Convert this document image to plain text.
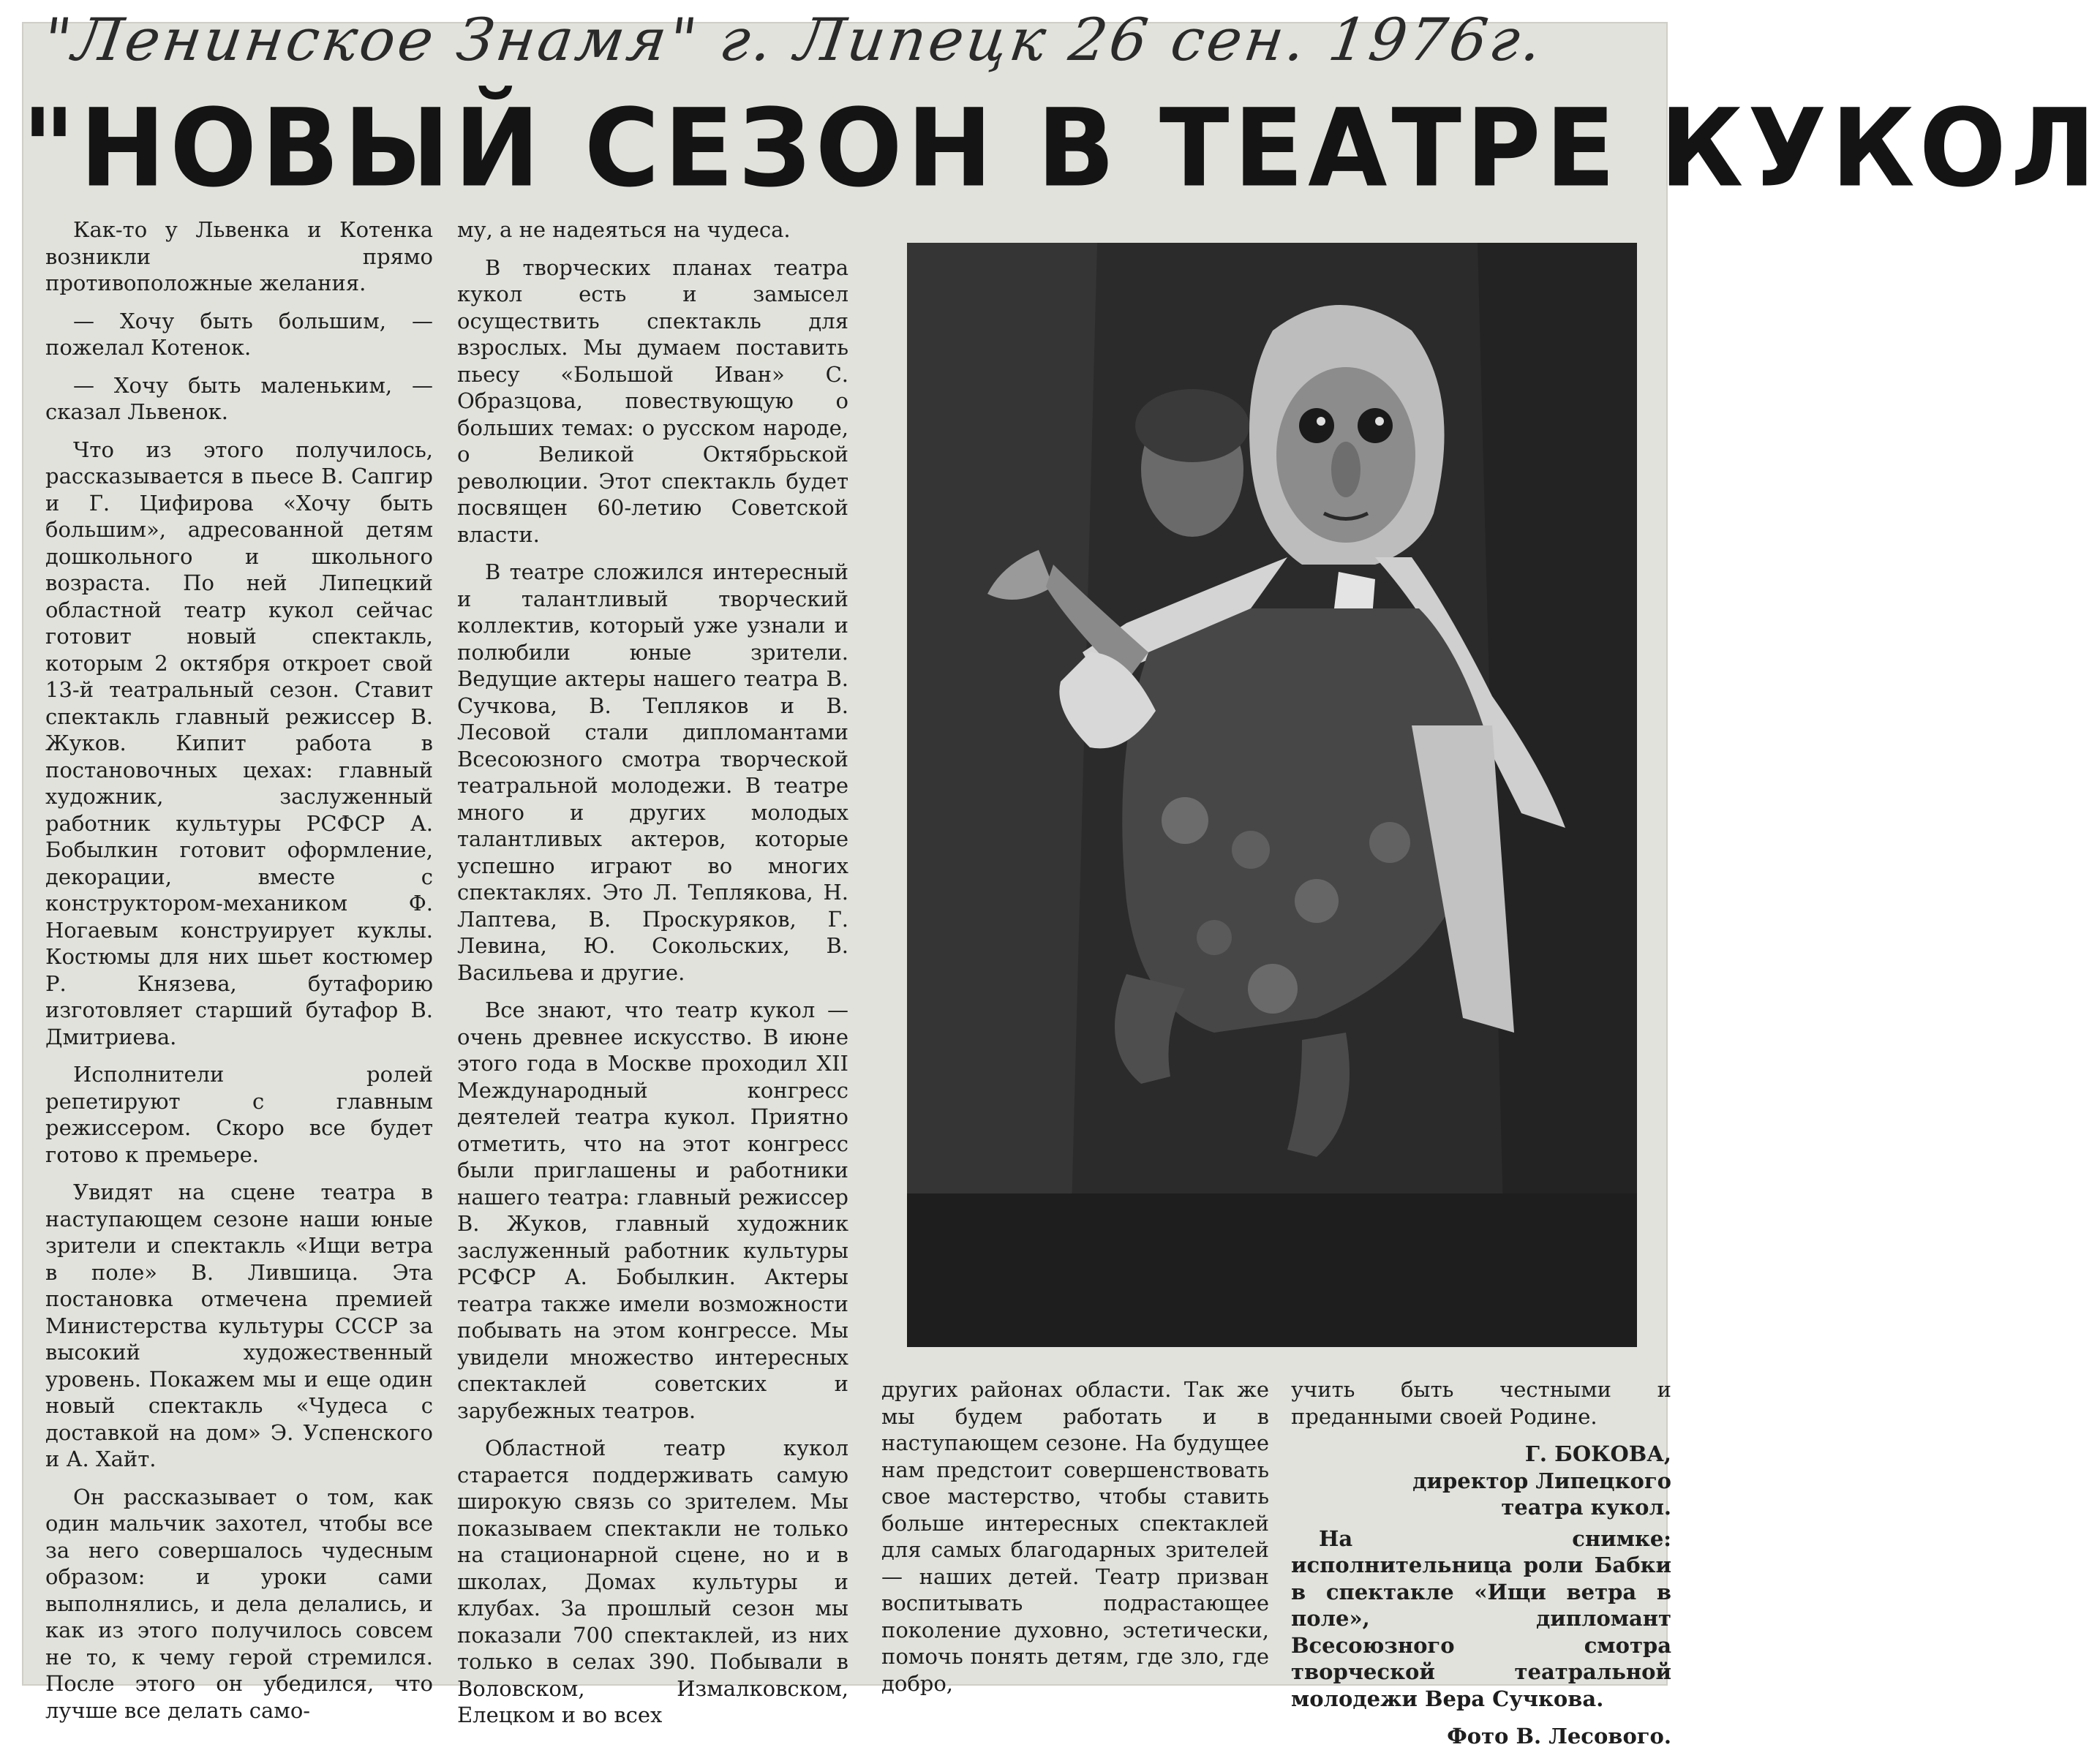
"Ленинское Знамя" г. Липецк 26 сен. 1976г.
"НОВЫЙ СЕЗОН В ТЕАТРЕ КУКОЛ

Как-то у Львенка и Котенка возникли прямо противоположные желания.

— Хочу быть большим, — пожелал Котенок.

— Хочу быть маленьким, — сказал Львенок.

Что из этого получилось, рассказывается в пьесе В. Сапгир и Г. Цифирова «Хочу быть большим», адресованной детям дошкольного и школьного возраста. По ней Липецкий областной театр кукол сейчас готовит новый спектакль, которым 2 октября откроет свой 13-й театральный сезон. Ставит спектакль главный режиссер В. Жуков. Кипит работа в постановочных цехах: главный художник, заслуженный работник культуры РСФСР А. Бобылкин готовит оформление, декорации, вместе с конструктором-механиком Ф. Ногаевым конструирует куклы. Костюмы для них шьет костюмер Р. Князева, бутафорию изготовляет старший бутафор В. Дмитриева.

Исполнители ролей репетируют с главным режиссером. Скоро все будет готово к премьере.

Увидят на сцене театра в наступающем сезоне наши юные зрители и спектакль «Ищи ветра в поле» В. Лившица. Эта постановка отмечена премией Министерства культуры СССР за высокий художественный уровень. Покажем мы и еще один новый спектакль «Чудеса с доставкой на дом» Э. Успенского и А. Хайт.

Он рассказывает о том, как один мальчик захотел, чтобы все за него совершалось чудесным образом: и уроки сами выполнялись, и дела делались, и как из этого получилось совсем не то, к чему герой стремился. После этого он убедился, что лучше все делать само-

му, а не надеяться на чудеса.

В творческих планах театра кукол есть и замысел осуществить спектакль для взрослых. Мы думаем поставить пьесу «Большой Иван» С. Образцова, повествующую о больших темах: о русском народе, о Великой Октябрьской революции. Этот спектакль будет посвящен 60-летию Советской власти.

В театре сложился интересный и талантливый творческий коллектив, который уже узнали и полюбили юные зрители. Ведущие актеры нашего театра В. Сучкова, В. Тепляков и В. Лесовой стали дипломантами Всесоюзного смотра творческой театральной молодежи. В театре много и других молодых талантливых актеров, которые успешно играют во многих спектаклях. Это Л. Теплякова, Н. Лаптева, В. Проскуряков, Г. Левина, Ю. Сокольских, В. Васильева и другие.

Все знают, что театр кукол — очень древнее искусство. В июне этого года в Москве проходил XII Международный конгресс деятелей театра кукол. Приятно отметить, что на этот конгресс были приглашены и работники нашего театра: главный режиссер В. Жуков, главный художник заслуженный работник культуры РСФСР А. Бобылкин. Актеры театра также имели возможности побывать на этом конгрессе. Мы увидели множество интересных спектаклей советских и зарубежных театров.

Областной театр кукол старается поддерживать самую широкую связь со зрителем. Мы показываем спектакли не только на стационарной сцене, но и в школах, Домах культуры и клубах. За прошлый сезон мы показали 700 спектаклей, из них только в селах 390. Побывали в Воловском, Измалковском, Елецком и во всех

других районах области. Так же мы будем работать и в наступающем сезоне. На будущее нам предстоит совершенствовать свое мастерство, чтобы ставить больше интересных спектаклей для самых благодарных зрителей — наших детей. Театр призван воспитывать подрастающее поколение духовно, эстетически, помочь понять детям, где зло, где добро,

учить быть честными и преданными своей Родине.

Г. БОКОВА,

директор Липецкого

театра кукол.

На снимке: исполнительница роли Бабки в спектакле «Ищи ветра в поле», дипломант Всесоюзного смотра творческой театральной молодежи Вера Сучкова.

Фото В. Лесового.
